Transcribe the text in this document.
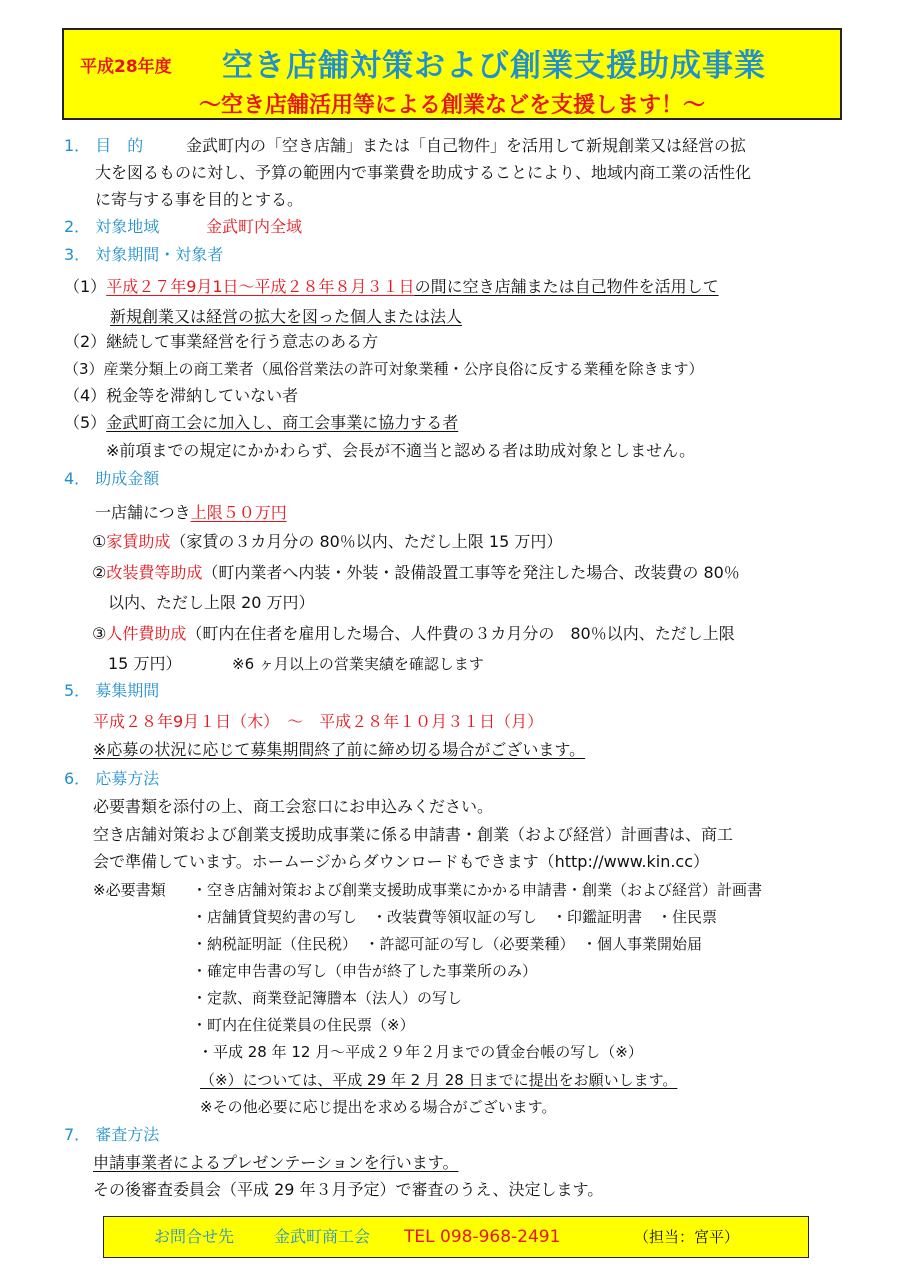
平成28年度 空き店舗対策および創業支援助成事業
～空き店舗活用等による創業などを支援します！～
1． 目　的	金武町内の「空き店舗」または「自己物件」を活用して新規創業又は経営の拡
大を図るものに対し、予算の範囲内で事業費を助成することにより、地域内商工業の活性化
に寄与する事を目的とする。
2． 対象地域	金武町内全域
3． 対象期間・対象者
（1）平成２７年9月1日～平成２８年８月３１日の間に空き店舗または自己物件を活用して
新規創業又は経営の拡大を図った個人または法人
（2）継続して事業経営を行う意志のある方
（3）産業分類上の商工業者（風俗営業法の許可対象業種・公序良俗に反する業種を除きます）
（4）税金等を滞納していない者
（5）金武町商工会に加入し、商工会事業に協力する者
※前項までの規定にかかわらず、会長が不適当と認める者は助成対象としません。
4． 助成金額
一店舗につき上限５０万円
①家賃助成（家賃の３カ月分の 80％以内、ただし上限 15 万円）
②改装費等助成（町内業者へ内装・外装・設備設置工事等を発注した場合、改装費の 80％
以内、ただし上限 20 万円）
③人件費助成（町内在住者を雇用した場合、人件費の３カ月分の　80％以内、ただし上限
15 万円）	※6 ヶ月以上の営業実績を確認します
5． 募集期間
平成２８年9月１日（木）　～　平成２８年１０月３１日（月）
※応募の状況に応じて募集期間終了前に締め切る場合がございます。
6． 応募方法
必要書類を添付の上、商工会窓口にお申込みください。
空き店舗対策および創業支援助成事業に係る申請書・創業（および経営）計画書は、商工
会で準備しています。ホームージからダウンロードもできます（http://www.kin.cc）
※必要書類 ・空き店舗対策および創業支援助成事業にかかる申請書・創業（および経営）計画書
・店舗賃貸契約書の写し　・改装費等領収証の写し　・印鑑証明書　・住民票
・納税証明証（住民税）　・許認可証の写し（必要業種）　・個人事業開始届
・確定申告書の写し（申告が終了した事業所のみ）
・定款、商業登記簿謄本（法人）の写し
・町内在住従業員の住民票（※）
・平成 28 年 12 月～平成２９年２月までの賃金台帳の写し（※）
（※）については、平成 29 年 2 月 28 日までに提出をお願いします。
※その他必要に応じ提出を求める場合がございます。
7． 審査方法
申請事業者によるプレゼンテーションを行います。
その後審査委員会（平成 29 年３月予定）で審査のうえ、決定します。
お問合せ先 金武町商工会 TEL 098-968-2491	（担当：宮平）
